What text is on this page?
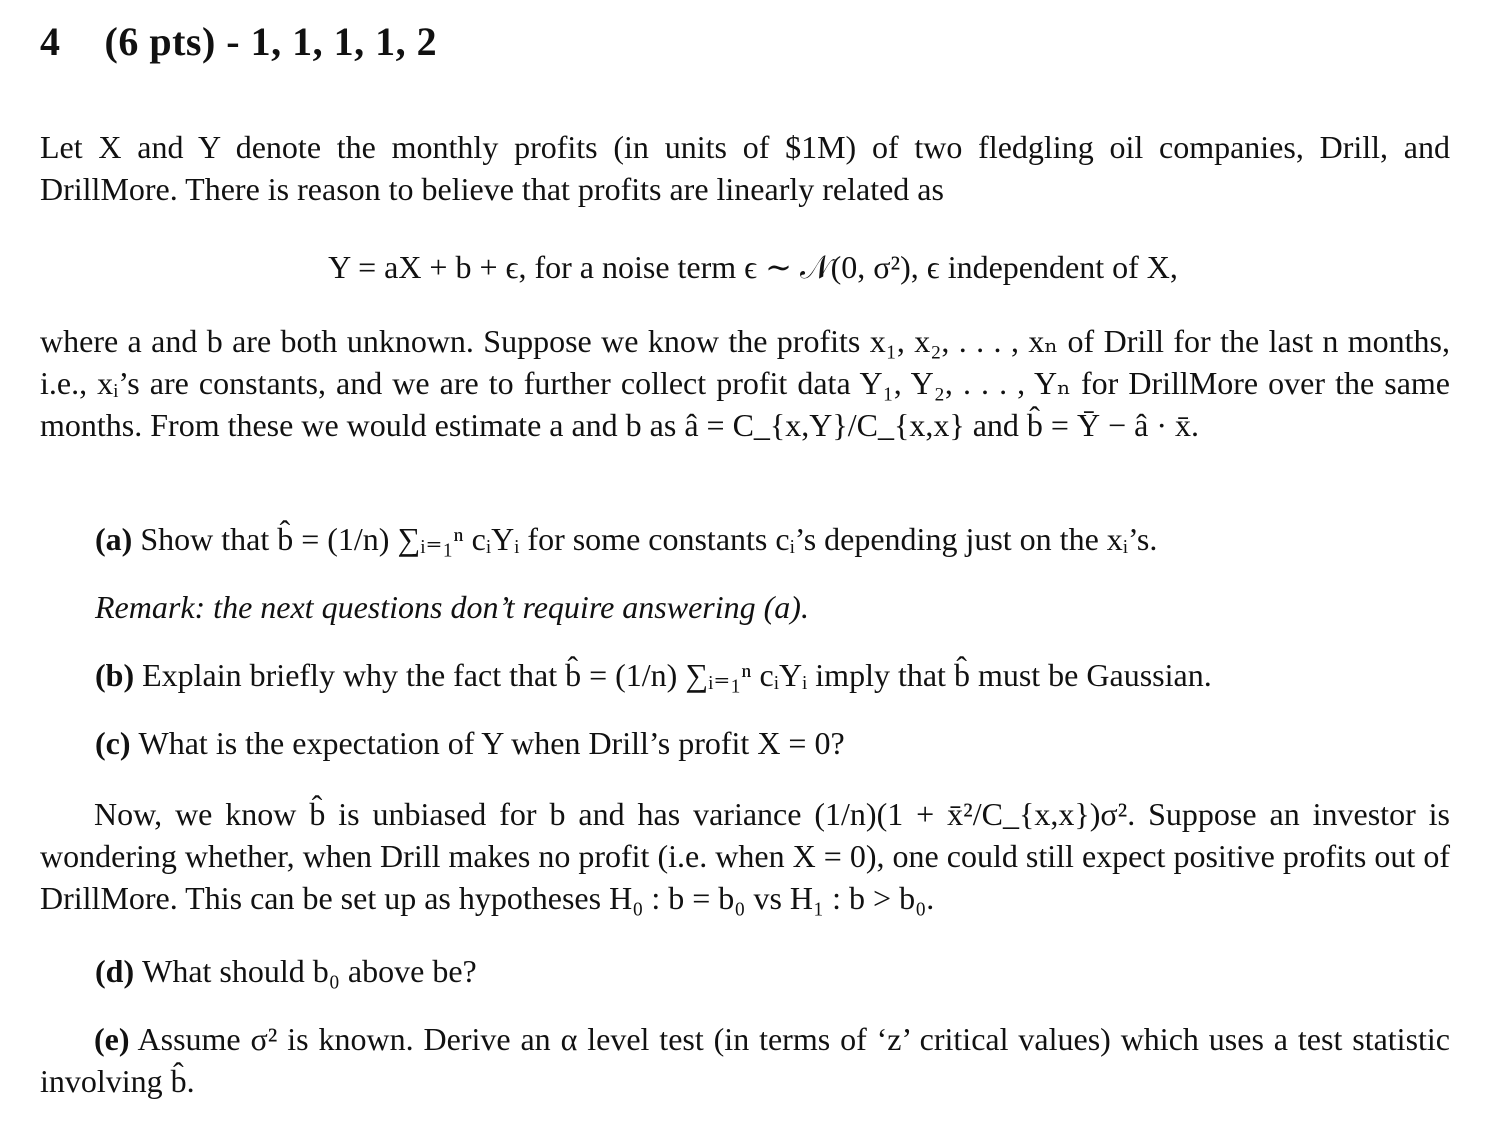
4 (6 pts) - 1, 1, 1, 1, 2
Let X and Y denote the monthly profits (in units of $1M) of two fledgling oil companies, Drill, and DrillMore. There is reason to believe that profits are linearly related as
Y = aX + b + ϵ, for a noise term ϵ ∼ 𝒩(0, σ²), ϵ independent of X,
where a and b are both unknown. Suppose we know the profits x₁, x₂, . . . , xₙ of Drill for the last n months, i.e., xᵢ’s are constants, and we are to further collect profit data Y₁, Y₂, . . . , Yₙ for DrillMore over the same months. From these we would estimate a and b as â = C_{x,Y}/C_{x,x} and b̂ = Ȳ − â · x̄.
(a) Show that b̂ = (1/n) ∑ᵢ₌₁ⁿ cᵢYᵢ for some constants cᵢ’s depending just on the xᵢ’s.
Remark: the next questions don’t require answering (a).
(b) Explain briefly why the fact that b̂ = (1/n) ∑ᵢ₌₁ⁿ cᵢYᵢ imply that b̂ must be Gaussian.
(c) What is the expectation of Y when Drill’s profit X = 0?
Now, we know b̂ is unbiased for b and has variance (1/n)(1 + x̄²/C_{x,x})σ². Suppose an investor is wondering whether, when Drill makes no profit (i.e. when X = 0), one could still expect positive profits out of DrillMore. This can be set up as hypotheses H₀ : b = b₀ vs H₁ : b > b₀.
(d) What should b₀ above be?
(e) Assume σ² is known. Derive an α level test (in terms of ‘z’ critical values) which uses a test statistic involving b̂.
